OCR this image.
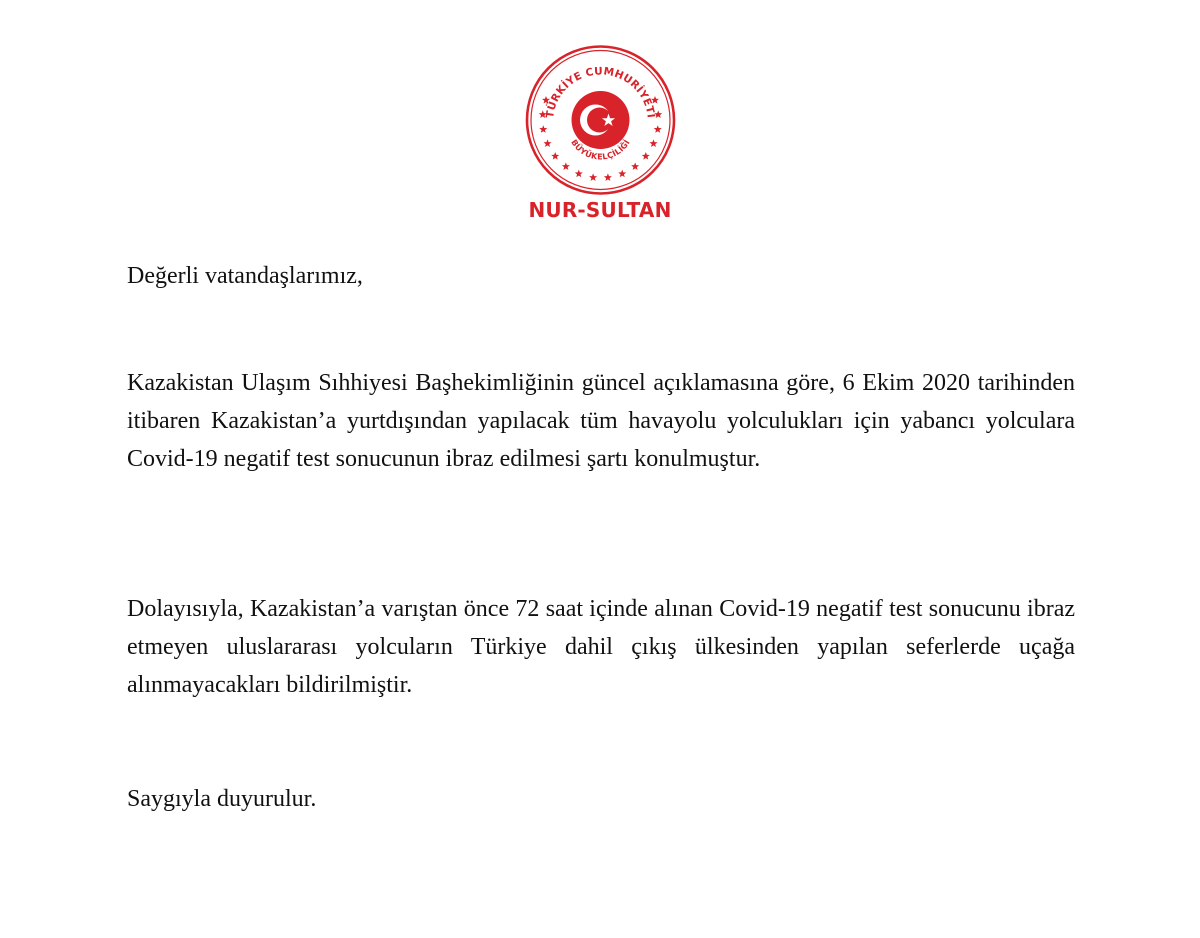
TÜRKİYE CUMHURİYETİ
BÜYÜKELÇİLİĞİ
NUR-SULTAN

Değerli vatandaşlarımız,

Kazakistan Ulaşım Sıhhiyesi Başhekimliğinin güncel açıklamasına göre, 6 Ekim 2020 tarihinden itibaren Kazakistan’a yurtdışından yapılacak tüm havayolu yolculukları için yabancı yolculara Covid-19 negatif test sonucunun ibraz edilmesi şartı konulmuştur.

Dolayısıyla, Kazakistan’a varıştan önce 72 saat içinde alınan Covid-19 negatif test sonucunu ibraz etmeyen uluslararası yolcuların Türkiye dahil çıkış ülkesinden yapılan seferlerde uçağa alınmayacakları bildirilmiştir.

Saygıyla duyurulur.
